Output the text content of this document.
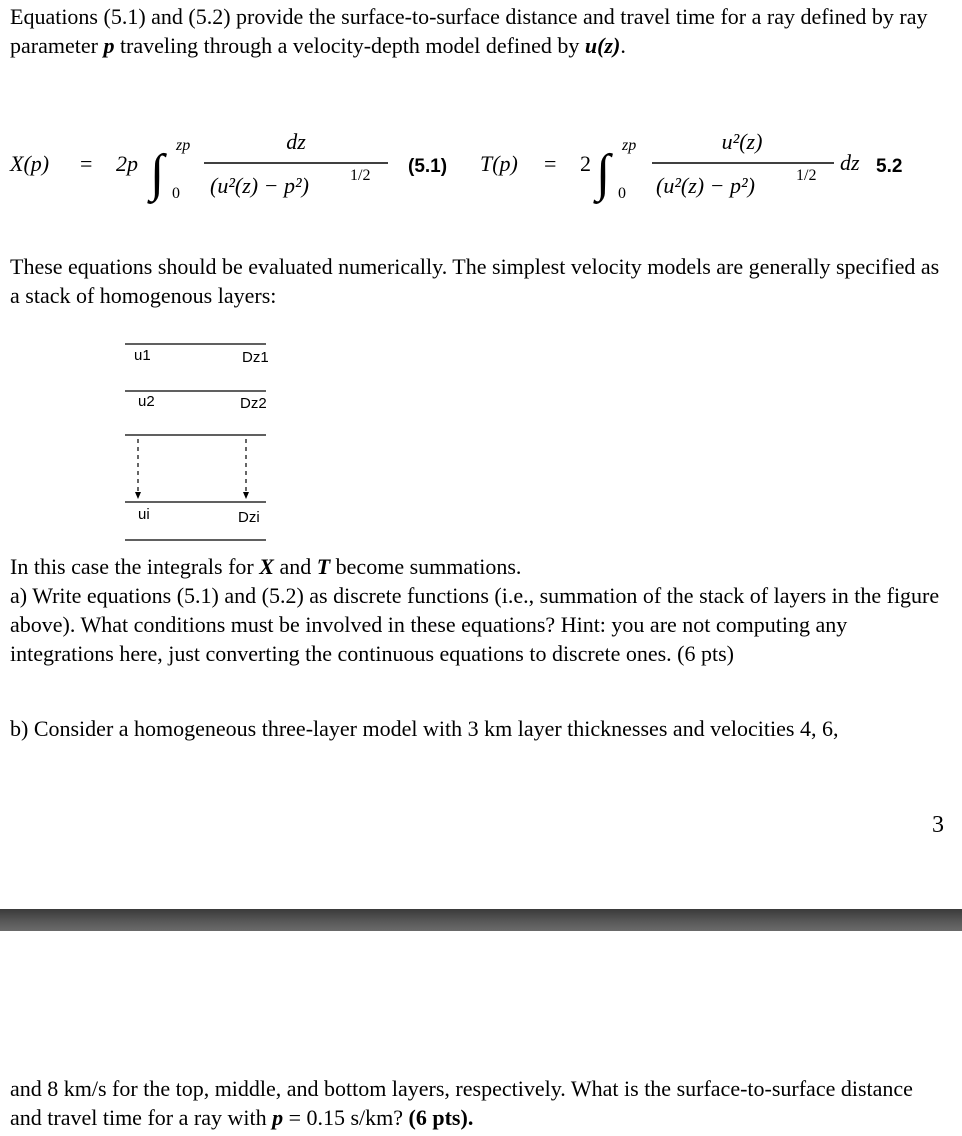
Equations (5.1) and (5.2) provide the surface-to-surface distance and travel time for a ray defined by ray parameter p traveling through a velocity-depth model defined by u(z).
X(p) = 2p ∫ zp
0
dz
(u²(z) − p²)	1/2 (5.1) T(p) = 2 ∫ zp
0
u²(z)
(u²(z) − p²)	1/2
dz 5.2
These equations should be evaluated numerically. The simplest velocity models are generally specified as a stack of homogenous layers:
u1	Dz1
u2	Dz2
ui	Dzi

In this case the integrals for X and T become summations.

a) Write equations (5.1) and (5.2) as discrete functions (i.e., summation of the stack of layers in the figure above). What conditions must be involved in these equations? Hint: you are not computing any integrations here, just converting the continuous equations to discrete ones. (6 pts)

b) Consider a homogeneous three-layer model with 3 km layer thicknesses and velocities 4, 6,
3
and 8 km/s for the top, middle, and bottom layers, respectively. What is the surface-to-surface distance and travel time for a ray with p = 0.15 s/km? (6 pts).
